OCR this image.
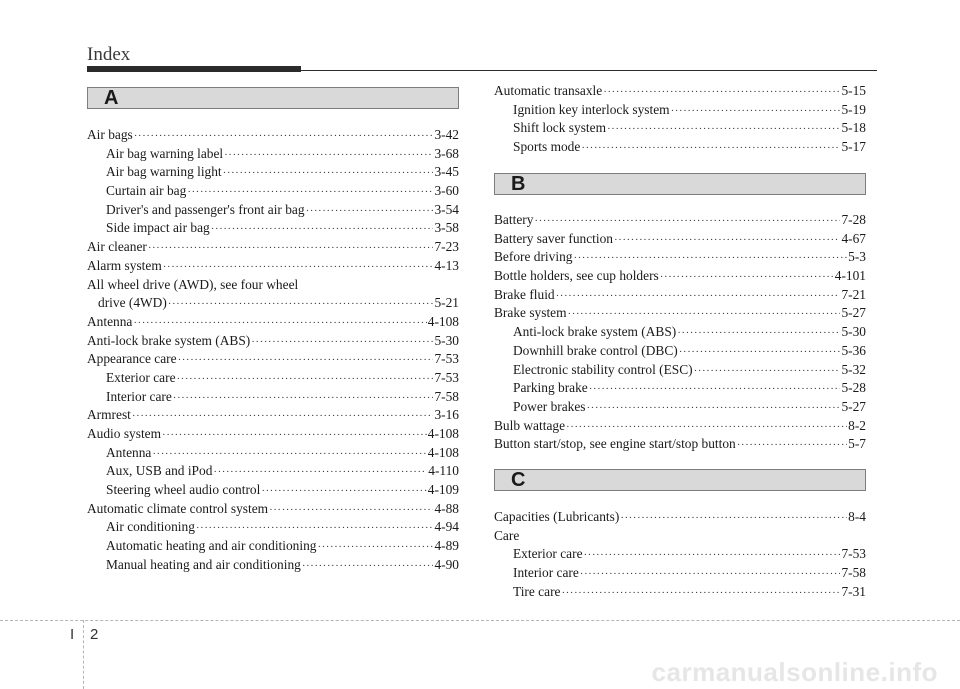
Index
A
Air bags ·····	3-42
Air bag warning label ·····	3-68
Air bag warning light ·····	3-45
Curtain air bag ·····	3-60
Driver's and passenger's front air bag ·····	3-54
Side impact air bag ·····	3-58
Air cleaner ·····	7-23
Alarm system ·····	4-13
All wheel drive (AWD), see four wheel
drive (4WD) ·····	5-21
Antenna ·····	4-108
Anti-lock brake system (ABS) ·····	5-30
Appearance care ·····	7-53
Exterior care ·····	7-53
Interior care ·····	7-58
Armrest ·····	3-16
Audio system ·····	4-108
Antenna ·····	4-108
Aux, USB and iPod ·····	4-110
Steering wheel audio control ·····	4-109
Automatic climate control system ·····	4-88
Air conditioning ·····	4-94
Automatic heating and air conditioning ·····	4-89
Manual heating and air conditioning ·····	4-90
Automatic transaxle ·····	5-15
Ignition key interlock system ·····	5-19
Shift lock system ·····	5-18
Sports mode ·····	5-17
B
Battery ·····	7-28
Battery saver function ·····	4-67
Before driving ·····	5-3
Bottle holders, see cup holders ·····	4-101
Brake fluid ·····	7-21
Brake system ·····	5-27
Anti-lock brake system (ABS) ·····	5-30
Downhill brake control (DBC) ·····	5-36
Electronic stability control (ESC) ·····	5-32
Parking brake ·····	5-28
Power brakes ·····	5-27
Bulb wattage ·····	8-2
Button start/stop, see engine start/stop button ·····	5-7
C
Capacities (Lubricants) ·····	8-4
Care
Exterior care ·····	7-53
Interior care ·····	7-58
Tire care ·····	7-31
I 2
carmanualsonline.info
